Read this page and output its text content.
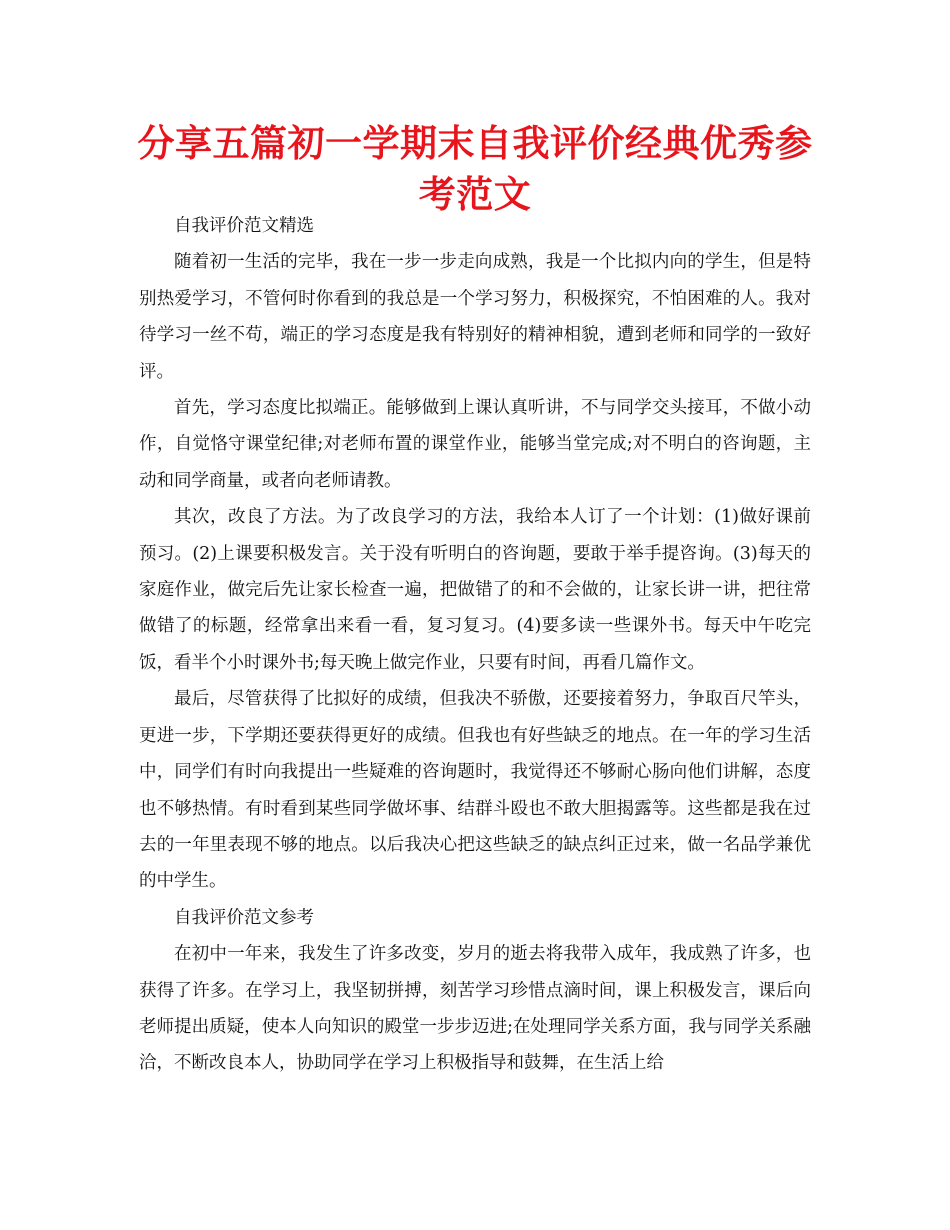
分享五篇初一学期末自我评价经典优秀参考范文

自我评价范文精选

随着初一生活的完毕，我在一步一步走向成熟，我是一个比拟内向的学生，但是特别热爱学习，不管何时你看到的我总是一个学习努力，积极探究，不怕困难的人。我对待学习一丝不苟，端正的学习态度是我有特别好的精神相貌，遭到老师和同学的一致好评。

首先，学习态度比拟端正。能够做到上课认真听讲，不与同学交头接耳，不做小动作，自觉恪守课堂纪律;对老师布置的课堂作业，能够当堂完成;对不明白的咨询题，主动和同学商量，或者向老师请教。

其次，改良了方法。为了改良学习的方法，我给本人订了一个计划：(1)做好课前预习。(2)上课要积极发言。关于没有听明白的咨询题，要敢于举手提咨询。(3)每天的家庭作业，做完后先让家长检查一遍，把做错了的和不会做的，让家长讲一讲，把往常做错了的标题，经常拿出来看一看，复习复习。(4)要多读一些课外书。每天中午吃完饭，看半个小时课外书;每天晚上做完作业，只要有时间，再看几篇作文。

最后，尽管获得了比拟好的成绩，但我决不骄傲，还要接着努力，争取百尺竿头，更进一步，下学期还要获得更好的成绩。但我也有好些缺乏的地点。在一年的学习生活中，同学们有时向我提出一些疑难的咨询题时，我觉得还不够耐心肠向他们讲解，态度也不够热情。有时看到某些同学做坏事、结群斗殴也不敢大胆揭露等。这些都是我在过去的一年里表现不够的地点。以后我决心把这些缺乏的缺点纠正过来，做一名品学兼优的中学生。

自我评价范文参考

在初中一年来，我发生了许多改变，岁月的逝去将我带入成年，我成熟了许多，也获得了许多。在学习上，我坚韧拼搏，刻苦学习珍惜点滴时间，课上积极发言，课后向老师提出质疑，使本人向知识的殿堂一步步迈进;在处理同学关系方面，我与同学关系融洽，不断改良本人，协助同学在学习上积极指导和鼓舞，在生活上给
